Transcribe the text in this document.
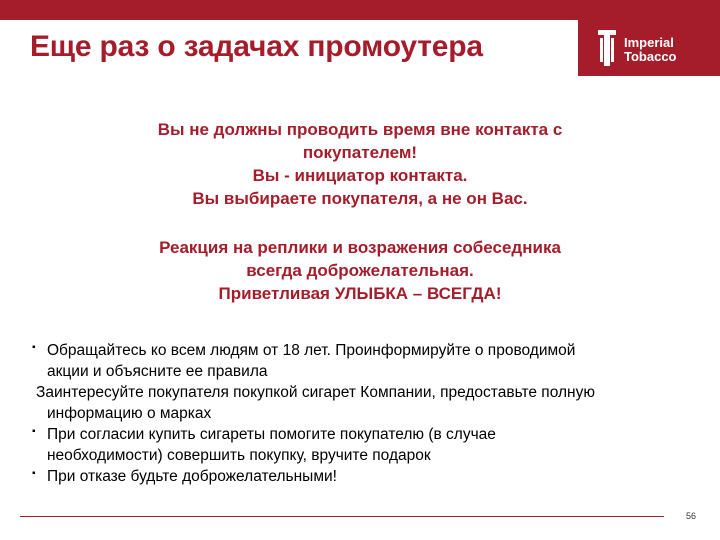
Imperial
Tobacco
Еще раз о задачах промоутера
Вы не должны проводить время вне контакта с
покупателем!
Вы - инициатор контакта.
Вы выбираете покупателя, а не он Вас.
Реакция на реплики и возражения собеседника
всегда доброжелательная.
Приветливая УЛЫБКА – ВСЕГДА!
▪ Обращайтесь ко всем людям от 18 лет. Проинформируйте о проводимой
акции и объясните ее правила
Заинтересуйте покупателя покупкой сигарет Компании, предоставьте полную
информацию о марках
▪ При согласии купить сигареты помогите покупателю (в случае
необходимости) совершить покупку, вручите подарок
▪ При отказе будьте доброжелательными!
56
